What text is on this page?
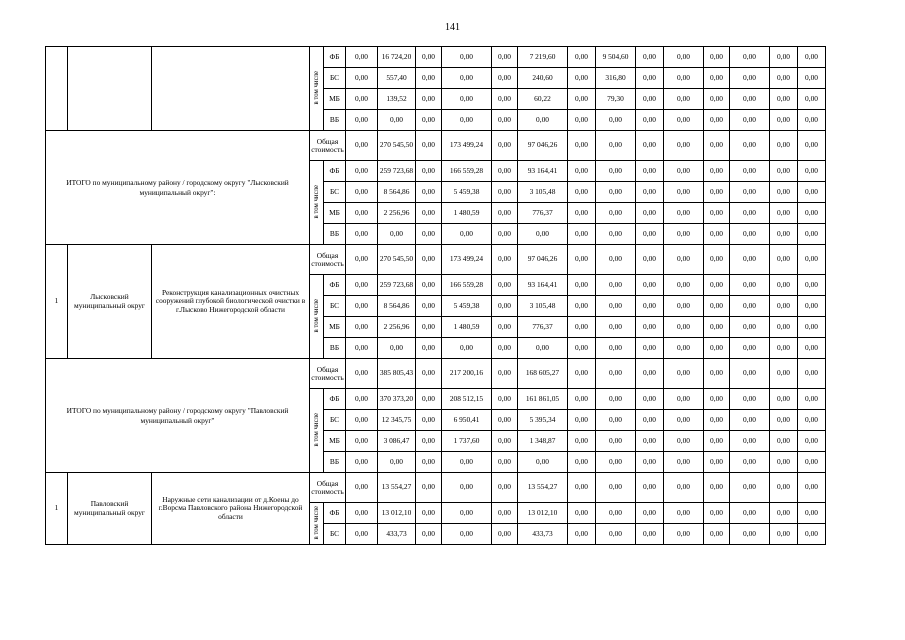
141
			в том числе	ФБ	0,00	16 724,20	0,00	0,00	0,00	7 219,60	0,00	9 504,60	0,00	0,00	0,00	0,00	0,00	0,00
				БС	0,00	557,40	0,00	0,00	0,00	240,60	0,00	316,80	0,00	0,00	0,00	0,00	0,00	0,00
				МБ	0,00	139,52	0,00	0,00	0,00	60,22	0,00	79,30	0,00	0,00	0,00	0,00	0,00	0,00
				ВБ	0,00	0,00	0,00	0,00	0,00	0,00	0,00	0,00	0,00	0,00	0,00	0,00	0,00	0,00
ИТОГО по муниципальному району / городскому округу "Лысковский муниципальный округ":			Общая стоимость		0,00	270 545,50	0,00	173 499,24	0,00	97 046,26	0,00	0,00	0,00	0,00	0,00	0,00	0,00	0,00
			в том числе	ФБ	0,00	259 723,68	0,00	166 559,28	0,00	93 164,41	0,00	0,00	0,00	0,00	0,00	0,00	0,00	0,00
				БС	0,00	8 564,86	0,00	5 459,38	0,00	3 105,48	0,00	0,00	0,00	0,00	0,00	0,00	0,00	0,00
				МБ	0,00	2 256,96	0,00	1 480,59	0,00	776,37	0,00	0,00	0,00	0,00	0,00	0,00	0,00	0,00
				ВБ	0,00	0,00	0,00	0,00	0,00	0,00	0,00	0,00	0,00	0,00	0,00	0,00	0,00	0,00
1	Лысковский муниципальный округ	Реконструкция канализационных очистных сооружений глубокой биологической очистки в г.Лысково Нижегородской области	Общая стоимость		0,00	270 545,50	0,00	173 499,24	0,00	97 046,26	0,00	0,00	0,00	0,00	0,00	0,00	0,00	0,00
			в том числе	ФБ	0,00	259 723,68	0,00	166 559,28	0,00	93 164,41	0,00	0,00	0,00	0,00	0,00	0,00	0,00	0,00
				БС	0,00	8 564,86	0,00	5 459,38	0,00	3 105,48	0,00	0,00	0,00	0,00	0,00	0,00	0,00	0,00
				МБ	0,00	2 256,96	0,00	1 480,59	0,00	776,37	0,00	0,00	0,00	0,00	0,00	0,00	0,00	0,00
				ВБ	0,00	0,00	0,00	0,00	0,00	0,00	0,00	0,00	0,00	0,00	0,00	0,00	0,00	0,00
ИТОГО по муниципальному району / городскому округу "Павловский муниципальный округ"			Общая стоимость		0,00	385 805,43	0,00	217 200,16	0,00	168 605,27	0,00	0,00	0,00	0,00	0,00	0,00	0,00	0,00
			в том числе	ФБ	0,00	370 373,20	0,00	208 512,15	0,00	161 861,05	0,00	0,00	0,00	0,00	0,00	0,00	0,00	0,00
				БС	0,00	12 345,75	0,00	6 950,41	0,00	5 395,34	0,00	0,00	0,00	0,00	0,00	0,00	0,00	0,00
				МБ	0,00	3 086,47	0,00	1 737,60	0,00	1 348,87	0,00	0,00	0,00	0,00	0,00	0,00	0,00	0,00
				ВБ	0,00	0,00	0,00	0,00	0,00	0,00	0,00	0,00	0,00	0,00	0,00	0,00	0,00	0,00
1	Павловский муниципальный округ	Наружные сети канализации от д.Коены до г.Ворсма Павловского района Нижегородской области	Общая стоимость		0,00	13 554,27	0,00	0,00	0,00	13 554,27	0,00	0,00	0,00	0,00	0,00	0,00	0,00	0,00
			в том числе	ФБ	0,00	13 012,10	0,00	0,00	0,00	13 012,10	0,00	0,00	0,00	0,00	0,00	0,00	0,00	0,00
				БС	0,00	433,73	0,00	0,00	0,00	433,73	0,00	0,00	0,00	0,00	0,00	0,00	0,00	0,00
